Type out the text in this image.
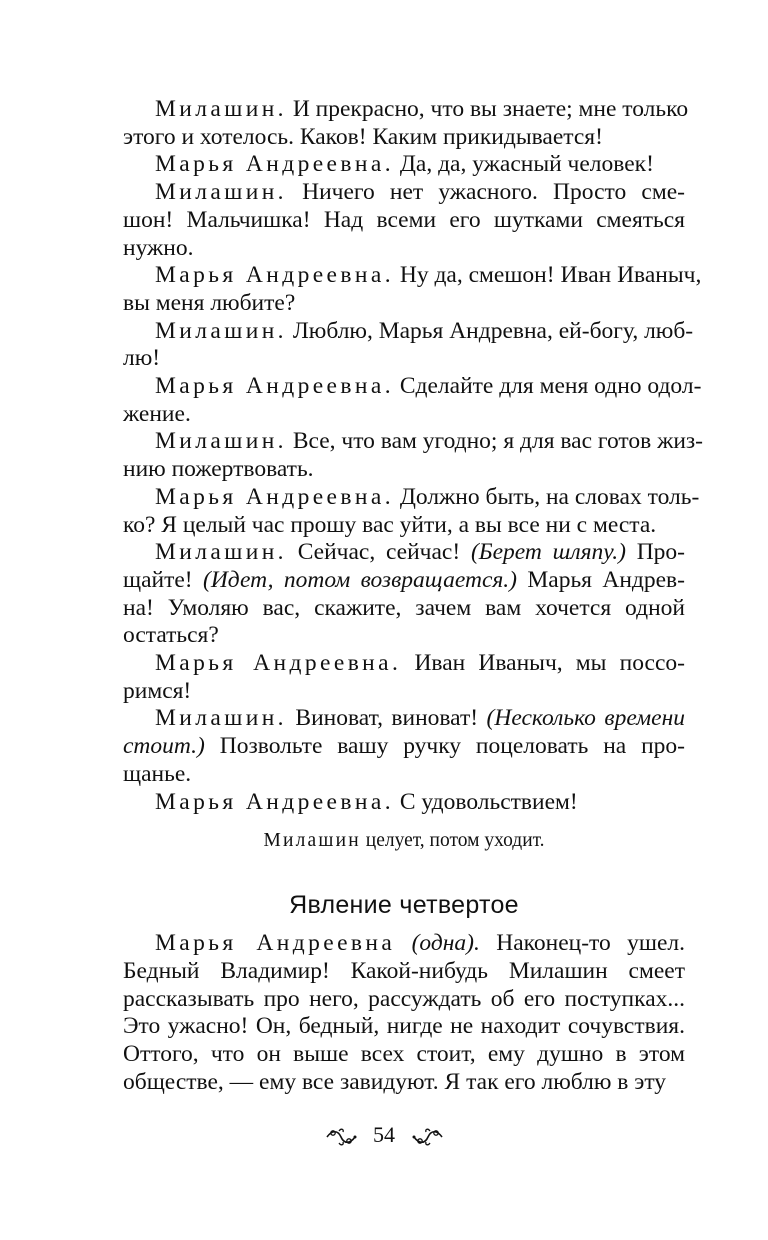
Милашин. И прекрасно, что вы знаете; мне только
этого и хотелось. Каков! Каким прикидывается!
Марья Андреевна. Да, да, ужасный человек!
Милашин. Ничего нет ужасного. Просто сме-
шон! Мальчишка! Над всеми его шутками смеяться
нужно.
Марья Андреевна. Ну да, смешон! Иван Иваныч,
вы меня любите?
Милашин. Люблю, Марья Андревна, ей-богу, люб-
лю!
Марья Андреевна. Сделайте для меня одно одол-
жение.
Милашин. Все, что вам угодно; я для вас готов жиз-
нию пожертвовать.
Марья Андреевна. Должно быть, на словах толь-
ко? Я целый час прошу вас уйти, а вы все ни с места.
Милашин. Сейчас, сейчас! (Берет шляпу.) Про-
щайте! (Идет, потом возвращается.) Марья Андрев-
на! Умоляю вас, скажите, зачем вам хочется одной
остаться?
Марья Андреевна. Иван Иваныч, мы поссо-
римся!
Милашин. Виноват, виноват! (Несколько времени
стоит.) Позвольте вашу ручку поцеловать на про-
щанье.
Марья Андреевна. С удовольствием!
Милашин целует, потом уходит.
Явление четвертое
Марья Андреевна (одна). Наконец-то ушел.
Бедный Владимир! Какой-нибудь Милашин смеет
рассказывать про него, рассуждать об его поступках...
Это ужасно! Он, бедный, нигде не находит сочувствия.
Оттого, что он выше всех стоит, ему душно в этом
обществе, — ему все завидуют. Я так его люблю в эту
54
